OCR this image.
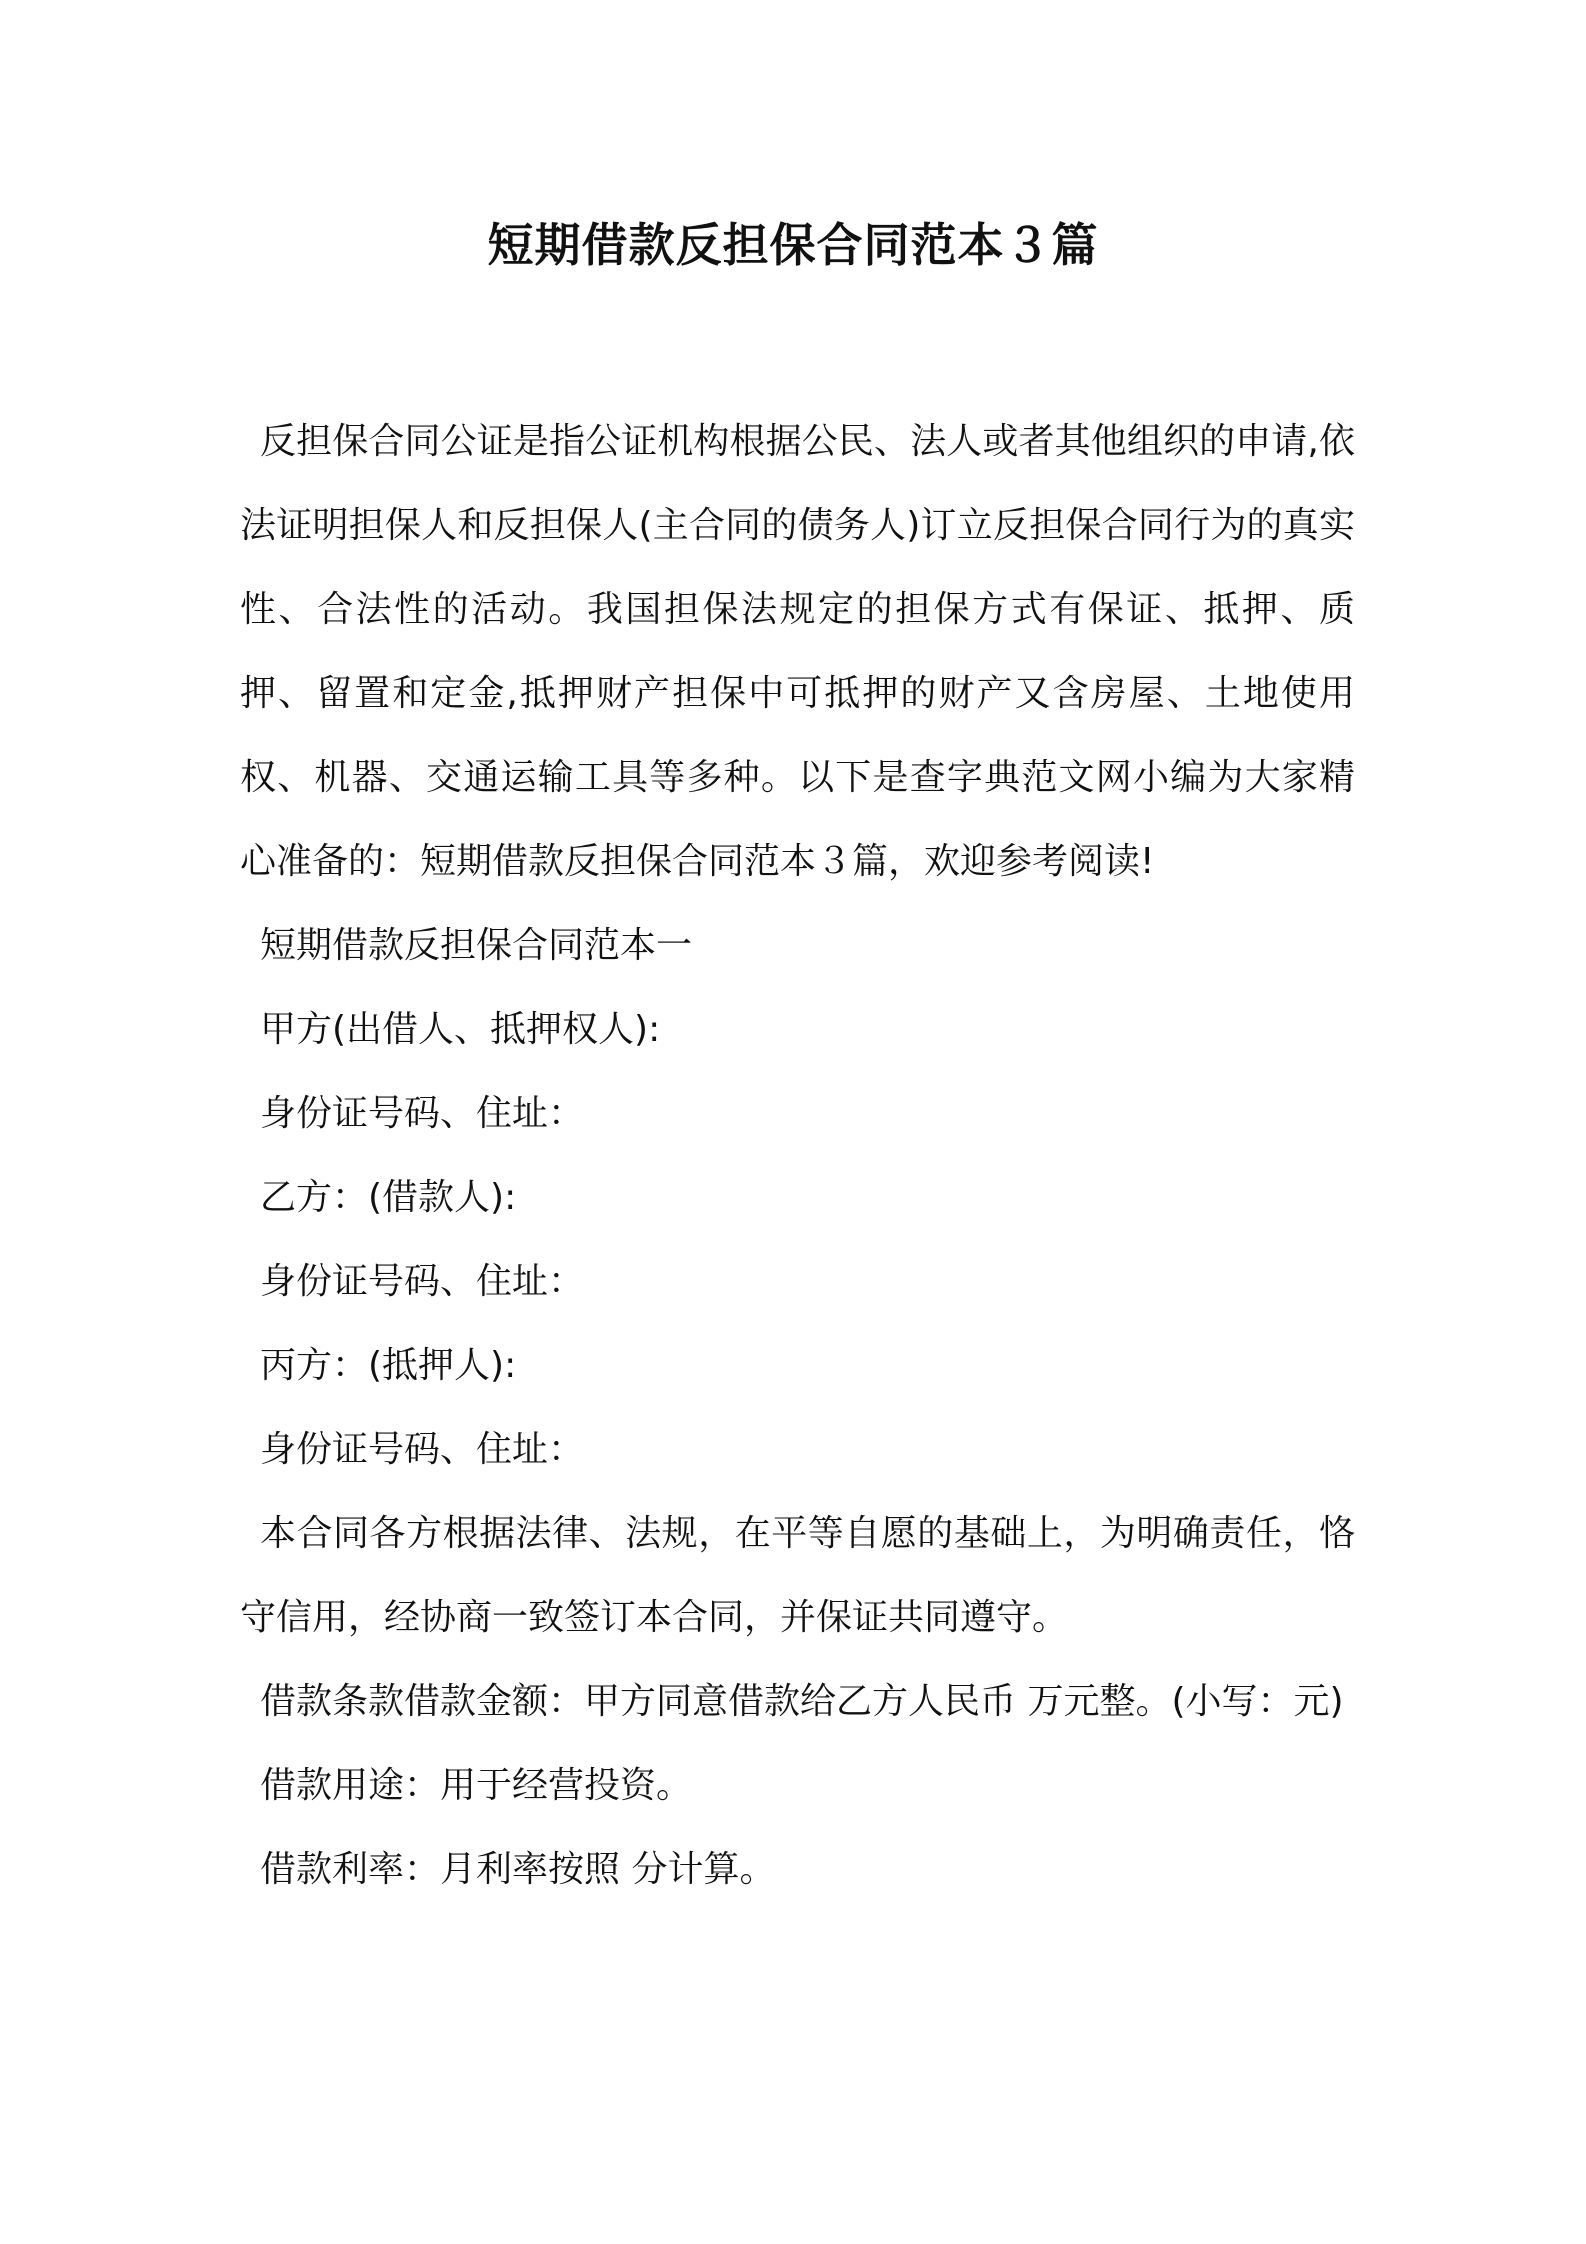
短期借款反担保合同范本３篇

反担保合同公证是指公证机构根据公民、法人或者其他组织的申请,依法证明担保人和反担保人(主合同的债务人)订立反担保合同行为的真实性、合法性的活动。我国担保法规定的担保方式有保证、抵押、质押、留置和定金,抵押财产担保中可抵押的财产又含房屋、土地使用权、机器、交通运输工具等多种。以下是查字典范文网小编为大家精心准备的：短期借款反担保合同范本３篇，欢迎参考阅读!

短期借款反担保合同范本一

甲方(出借人、抵押权人):

身份证号码、住址：

乙方：(借款人):

身份证号码、住址：

丙方：(抵押人):

身份证号码、住址：

本合同各方根据法律、法规，在平等自愿的基础上，为明确责任，恪守信用，经协商一致签订本合同，并保证共同遵守。

借款条款借款金额：甲方同意借款给乙方人民币 万元整。(小写：元)

借款用途：用于经营投资。

借款利率：月利率按照 分计算。
